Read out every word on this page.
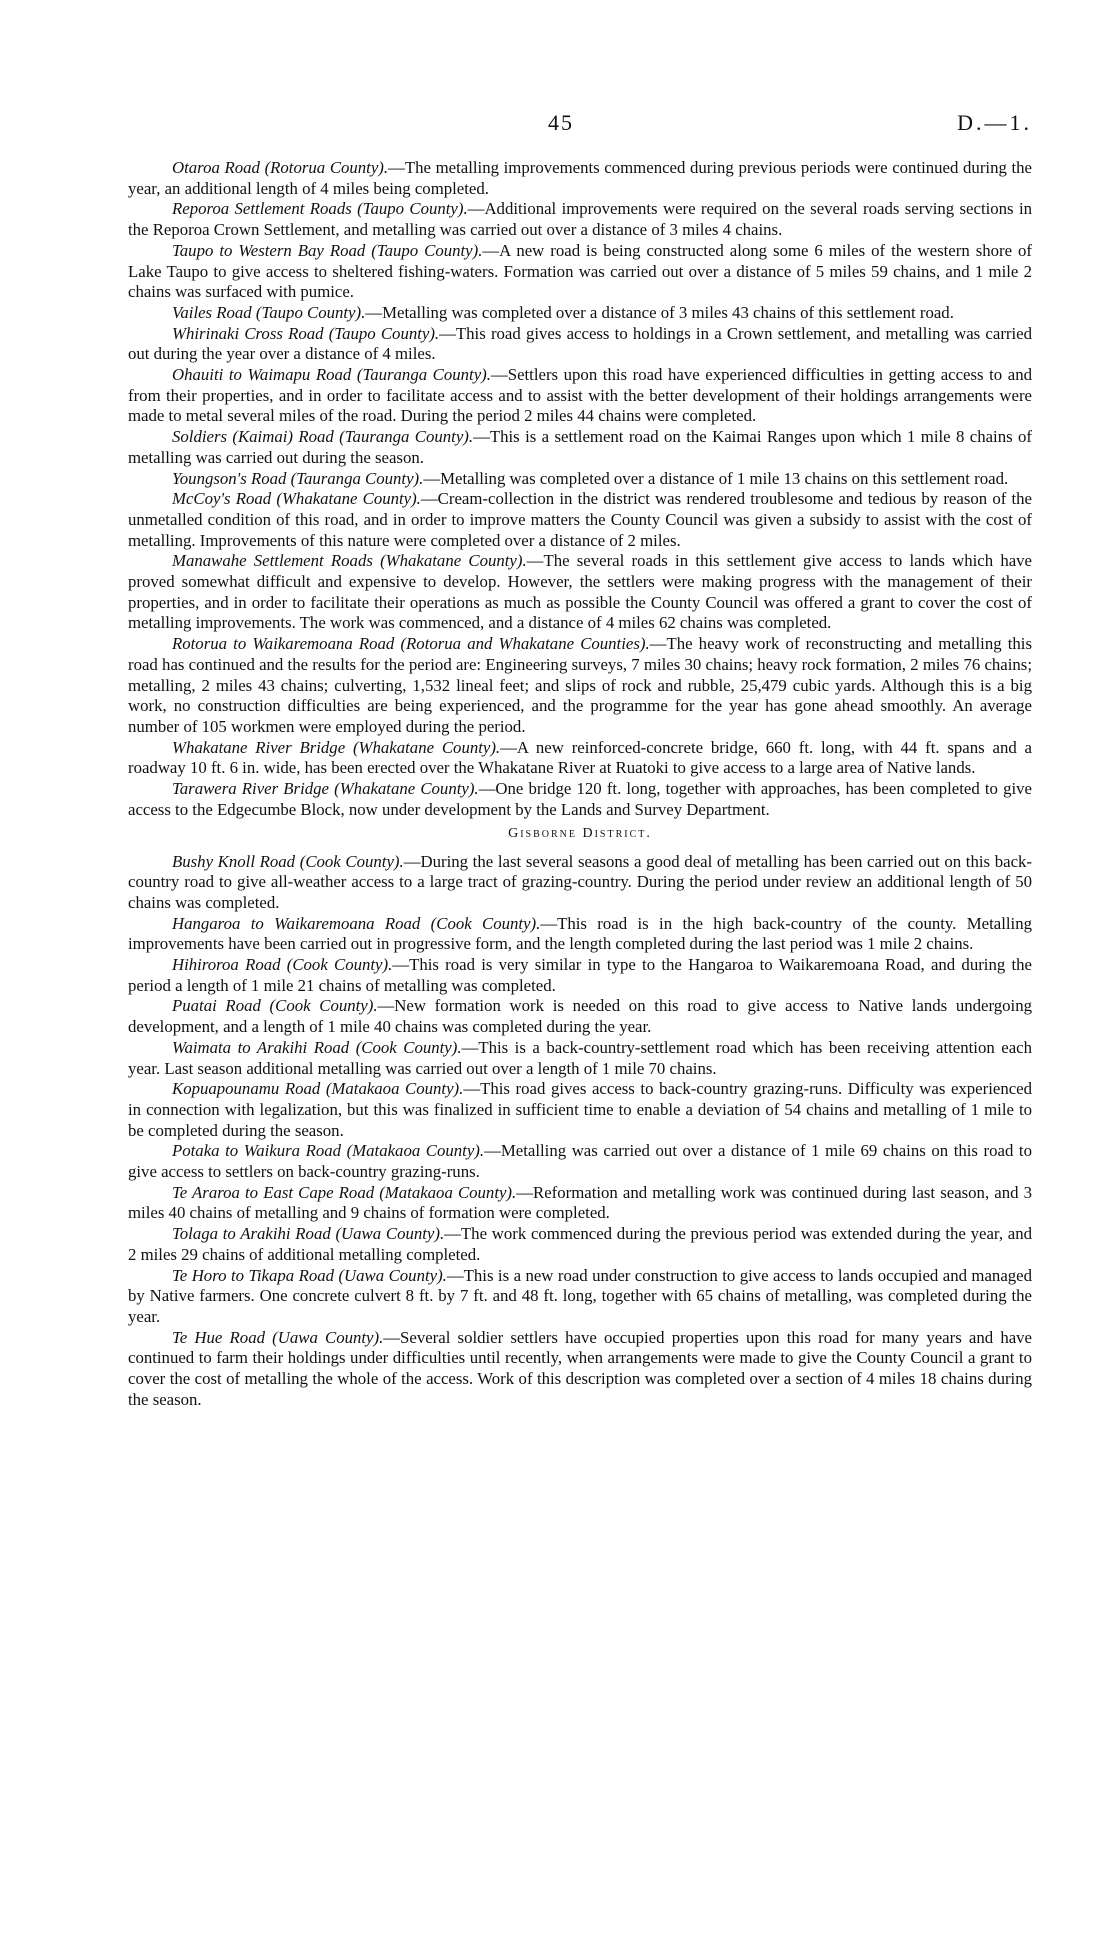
45	D.—1.

Otaroa Road (Rotorua County).—The metalling improvements commenced during previous periods were continued during the year, an additional length of 4 miles being completed.

Reporoa Settlement Roads (Taupo County).—Additional improvements were required on the several roads serving sections in the Reporoa Crown Settlement, and metalling was carried out over a distance of 3 miles 4 chains.

Taupo to Western Bay Road (Taupo County).—A new road is being constructed along some 6 miles of the western shore of Lake Taupo to give access to sheltered fishing-waters. Formation was carried out over a distance of 5 miles 59 chains, and 1 mile 2 chains was surfaced with pumice.

Vailes Road (Taupo County).—Metalling was completed over a distance of 3 miles 43 chains of this settlement road.

Whirinaki Cross Road (Taupo County).—This road gives access to holdings in a Crown settlement, and metalling was carried out during the year over a distance of 4 miles.

Ohauiti to Waimapu Road (Tauranga County).—Settlers upon this road have experienced difficulties in getting access to and from their properties, and in order to facilitate access and to assist with the better development of their holdings arrangements were made to metal several miles of the road. During the period 2 miles 44 chains were completed.

Soldiers (Kaimai) Road (Tauranga County).—This is a settlement road on the Kaimai Ranges upon which 1 mile 8 chains of metalling was carried out during the season.

Youngson's Road (Tauranga County).—Metalling was completed over a distance of 1 mile 13 chains on this settlement road.

McCoy's Road (Whakatane County).—Cream-collection in the district was rendered troublesome and tedious by reason of the unmetalled condition of this road, and in order to improve matters the County Council was given a subsidy to assist with the cost of metalling. Improvements of this nature were completed over a distance of 2 miles.

Manawahe Settlement Roads (Whakatane County).—The several roads in this settlement give access to lands which have proved somewhat difficult and expensive to develop. However, the settlers were making progress with the management of their properties, and in order to facilitate their operations as much as possible the County Council was offered a grant to cover the cost of metalling improvements. The work was commenced, and a distance of 4 miles 62 chains was completed.

Rotorua to Waikaremoana Road (Rotorua and Whakatane Counties).—The heavy work of reconstructing and metalling this road has continued and the results for the period are: Engineering surveys, 7 miles 30 chains; heavy rock formation, 2 miles 76 chains; metalling, 2 miles 43 chains; culverting, 1,532 lineal feet; and slips of rock and rubble, 25,479 cubic yards. Although this is a big work, no construction difficulties are being experienced, and the programme for the year has gone ahead smoothly. An average number of 105 workmen were employed during the period.

Whakatane River Bridge (Whakatane County).—A new reinforced-concrete bridge, 660 ft. long, with 44 ft. spans and a roadway 10 ft. 6 in. wide, has been erected over the Whakatane River at Ruatoki to give access to a large area of Native lands.

Tarawera River Bridge (Whakatane County).—One bridge 120 ft. long, together with approaches, has been completed to give access to the Edgecumbe Block, now under development by the Lands and Survey Department.

Gisborne District.

Bushy Knoll Road (Cook County).—During the last several seasons a good deal of metalling has been carried out on this back-country road to give all-weather access to a large tract of grazing-country. During the period under review an additional length of 50 chains was completed.

Hangaroa to Waikaremoana Road (Cook County).—This road is in the high back-country of the county. Metalling improvements have been carried out in progressive form, and the length completed during the last period was 1 mile 2 chains.

Hihiroroa Road (Cook County).—This road is very similar in type to the Hangaroa to Waikaremoana Road, and during the period a length of 1 mile 21 chains of metalling was completed.

Puatai Road (Cook County).—New formation work is needed on this road to give access to Native lands undergoing development, and a length of 1 mile 40 chains was completed during the year.

Waimata to Arakihi Road (Cook County).—This is a back-country-settlement road which has been receiving attention each year. Last season additional metalling was carried out over a length of 1 mile 70 chains.

Kopuapounamu Road (Matakaoa County).—This road gives access to back-country grazing-runs. Difficulty was experienced in connection with legalization, but this was finalized in sufficient time to enable a deviation of 54 chains and metalling of 1 mile to be completed during the season.

Potaka to Waikura Road (Matakaoa County).—Metalling was carried out over a distance of 1 mile 69 chains on this road to give access to settlers on back-country grazing-runs.

Te Araroa to East Cape Road (Matakaoa County).—Reformation and metalling work was continued during last season, and 3 miles 40 chains of metalling and 9 chains of formation were completed.

Tolaga to Arakihi Road (Uawa County).—The work commenced during the previous period was extended during the year, and 2 miles 29 chains of additional metalling completed.

Te Horo to Tikapa Road (Uawa County).—This is a new road under construction to give access to lands occupied and managed by Native farmers. One concrete culvert 8 ft. by 7 ft. and 48 ft. long, together with 65 chains of metalling, was completed during the year.

Te Hue Road (Uawa County).—Several soldier settlers have occupied properties upon this road for many years and have continued to farm their holdings under difficulties until recently, when arrangements were made to give the County Council a grant to cover the cost of metalling the whole of the access. Work of this description was completed over a section of 4 miles 18 chains during the season.
